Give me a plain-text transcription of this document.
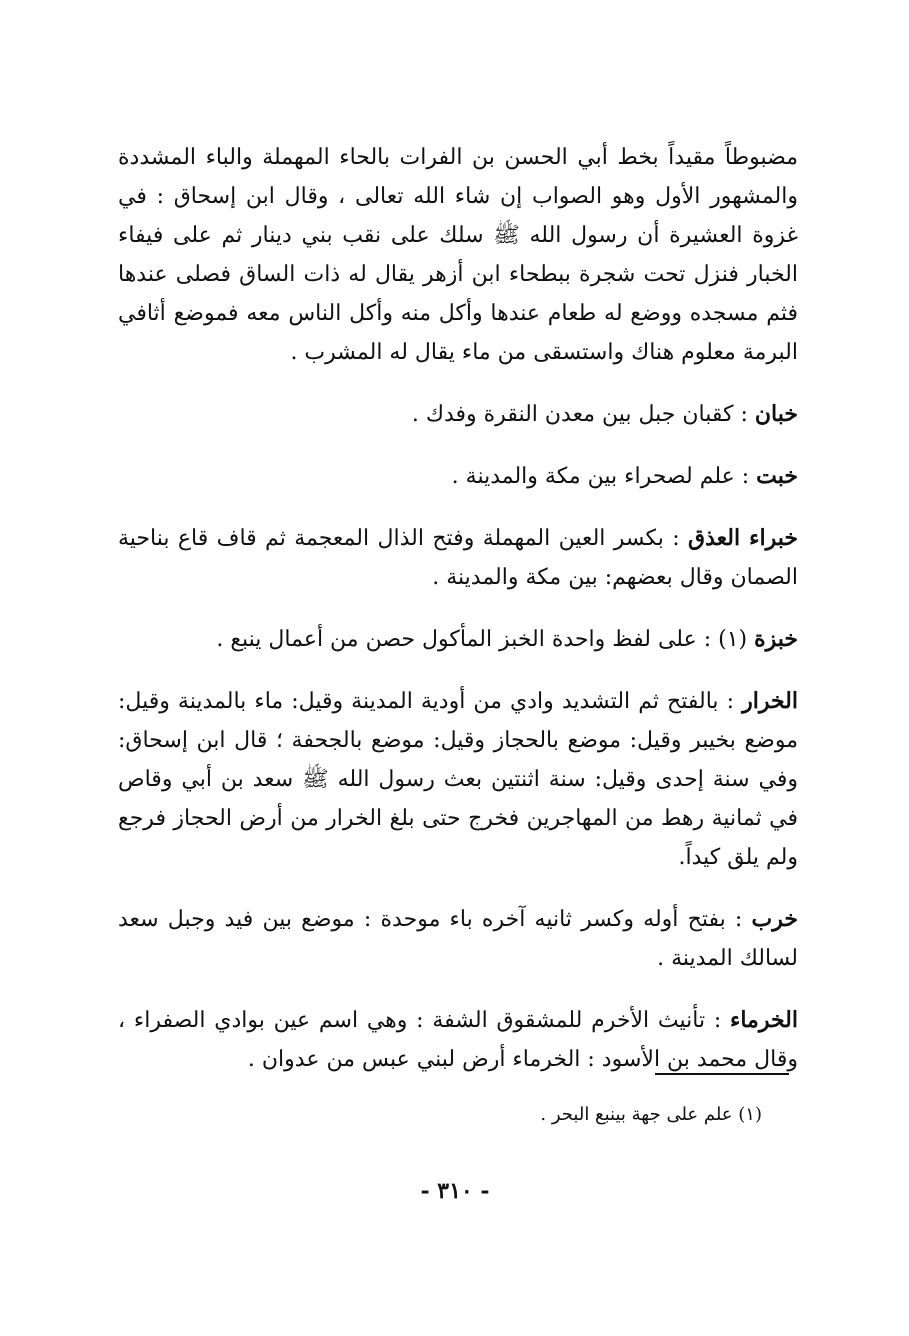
مضبوطاً مقيداً بخط أبي الحسن بن الفرات بالحاء المهملة والباء المشددة والمشهور الأول وهو الصواب إن شاء الله تعالى ، وقال ابن إسحاق : في غزوة العشيرة أن رسول الله ﷺ سلك على نقب بني دينار ثم على فيفاء الخبار فنزل تحت شجرة ببطحاء ابن أزهر يقال له ذات الساق فصلى عندها فثم مسجده ووضع له طعام عندها وأكل منه وأكل الناس معه فموضع أثافي البرمة معلوم هناك واستسقى من ماء يقال له المشرب .

خبان : كقبان جبل بين معدن النقرة وفدك .

خبت : علم لصحراء بين مكة والمدينة .

خبراء العذق : بكسر العين المهملة وفتح الذال المعجمة ثم قاف قاع بناحية الصمان وقال بعضهم: بين مكة والمدينة .

خبزة (١) : على لفظ واحدة الخبز المأكول حصن من أعمال ينبع .

الخرار : بالفتح ثم التشديد وادي من أودية المدينة وقيل: ماء بالمدينة وقيل: موضع بخيبر وقيل: موضع بالحجاز وقيل: موضع بالجحفة ؛ قال ابن إسحاق: وفي سنة إحدى وقيل: سنة اثنتين بعث رسول الله ﷺ سعد بن أبي وقاص في ثمانية رهط من المهاجرين فخرج حتى بلغ الخرار من أرض الحجاز فرجع ولم يلق كيداً.

خرب : بفتح أوله وكسر ثانيه آخره باء موحدة : موضع بين فيد وجبل سعد لسالك المدينة .

الخرماء : تأنيث الأخرم للمشقوق الشفة : وهي اسم عين بوادي الصفراء ، وقال محمد بن الأسود : الخرماء أرض لبني عبس من عدوان .

(١) علم على جهة بينبع البحر .
- ٣١٠ -
